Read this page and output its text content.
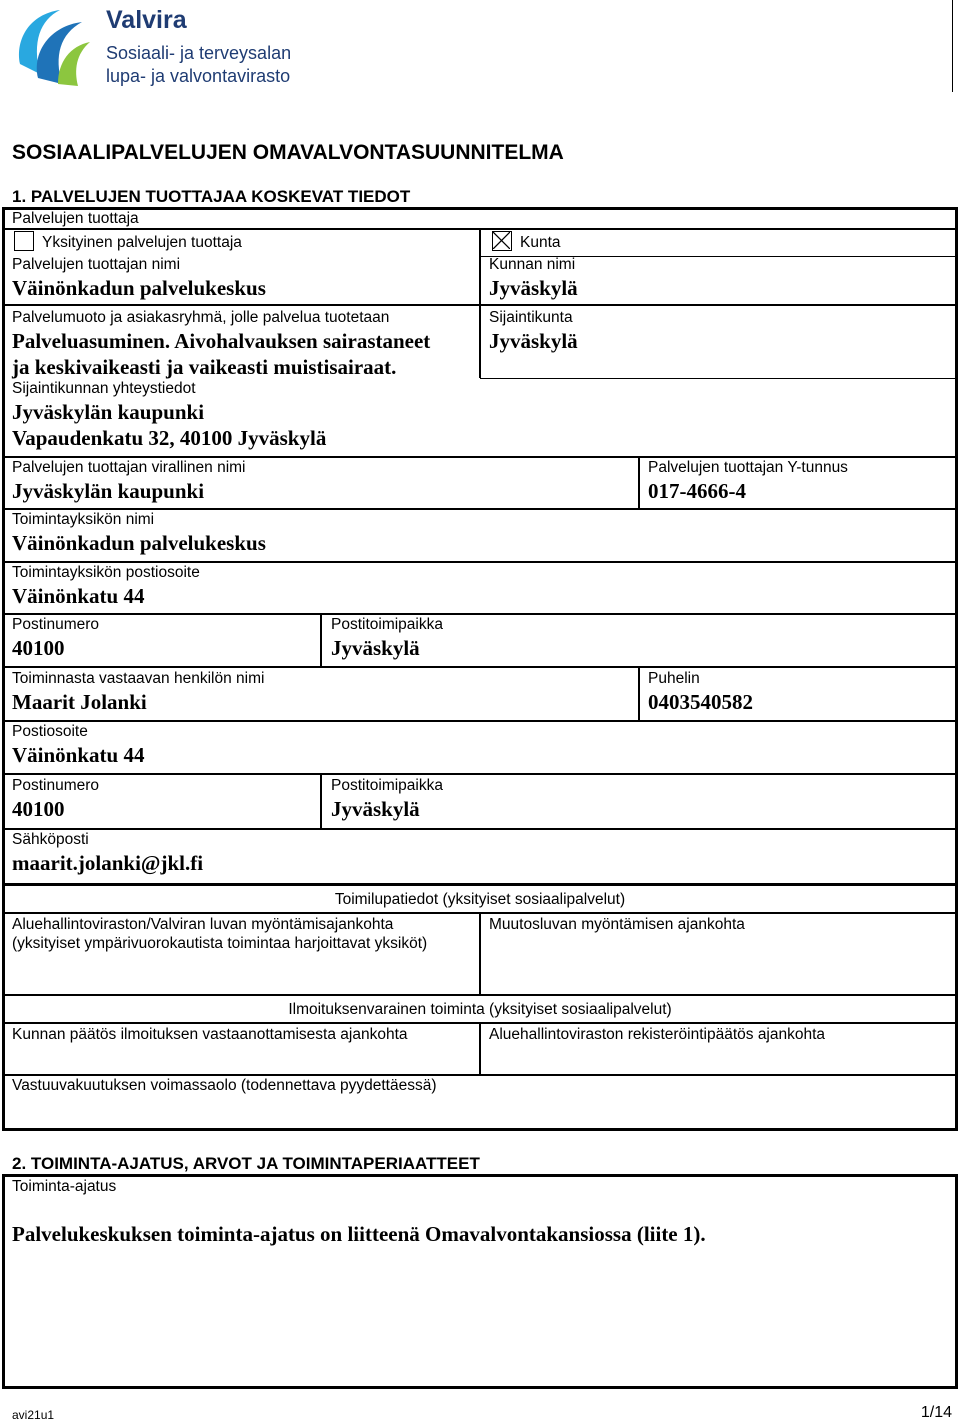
Valvira
Sosiaali- ja terveysalan
lupa- ja valvontavirasto
SOSIAALIPALVELUJEN OMAVALVONTASUUNNITELMA
1. PALVELUJEN TUOTTAJAA KOSKEVAT TIEDOT
Palvelujen tuottaja
Yksityinen palvelujen tuottaja	Kunta
Palvelujen tuottajan nimi
Väinönkadun palvelukeskus
Kunnan nimi
Jyväskylä
Palvelumuoto ja asiakasryhmä, jolle palvelua tuotetaan
Palveluasuminen. Aivohalvauksen sairastaneet
ja keskivaikeasti ja vaikeasti muistisairaat.
Sijaintikunta
Jyväskylä
Sijaintikunnan yhteystiedot
Jyväskylän kaupunki
Vapaudenkatu 32, 40100 Jyväskylä
Palvelujen tuottajan virallinen nimi
Jyväskylän kaupunki
Palvelujen tuottajan Y-tunnus
017-4666-4
Toimintayksikön nimi
Väinönkadun palvelukeskus
Toimintayksikön postiosoite
Väinönkatu 44
Postinumero
40100
Postitoimipaikka
Jyväskylä
Toiminnasta vastaavan henkilön nimi
Maarit Jolanki
Puhelin
0403540582
Postiosoite
Väinönkatu 44
Postinumero
40100
Postitoimipaikka
Jyväskylä
Sähköposti
maarit.jolanki@jkl.fi
Toimilupatiedot (yksityiset sosiaalipalvelut)
Aluehallintoviraston/Valviran luvan myöntämisajankohta
(yksityiset ympärivuorokautista toimintaa harjoittavat yksiköt)
Muutosluvan myöntämisen ajankohta
Ilmoituksenvarainen toiminta (yksityiset sosiaalipalvelut)
Kunnan päätös ilmoituksen vastaanottamisesta ajankohta	Aluehallintoviraston rekisteröintipäätös ajankohta
Vastuuvakuutuksen voimassaolo (todennettava pyydettäessä)
2. TOIMINTA-AJATUS, ARVOT JA TOIMINTAPERIAATTEET
Toiminta-ajatus
Palvelukeskuksen toiminta-ajatus on liitteenä Omavalvontakansiossa (liite 1).
avi21u1	1/14
